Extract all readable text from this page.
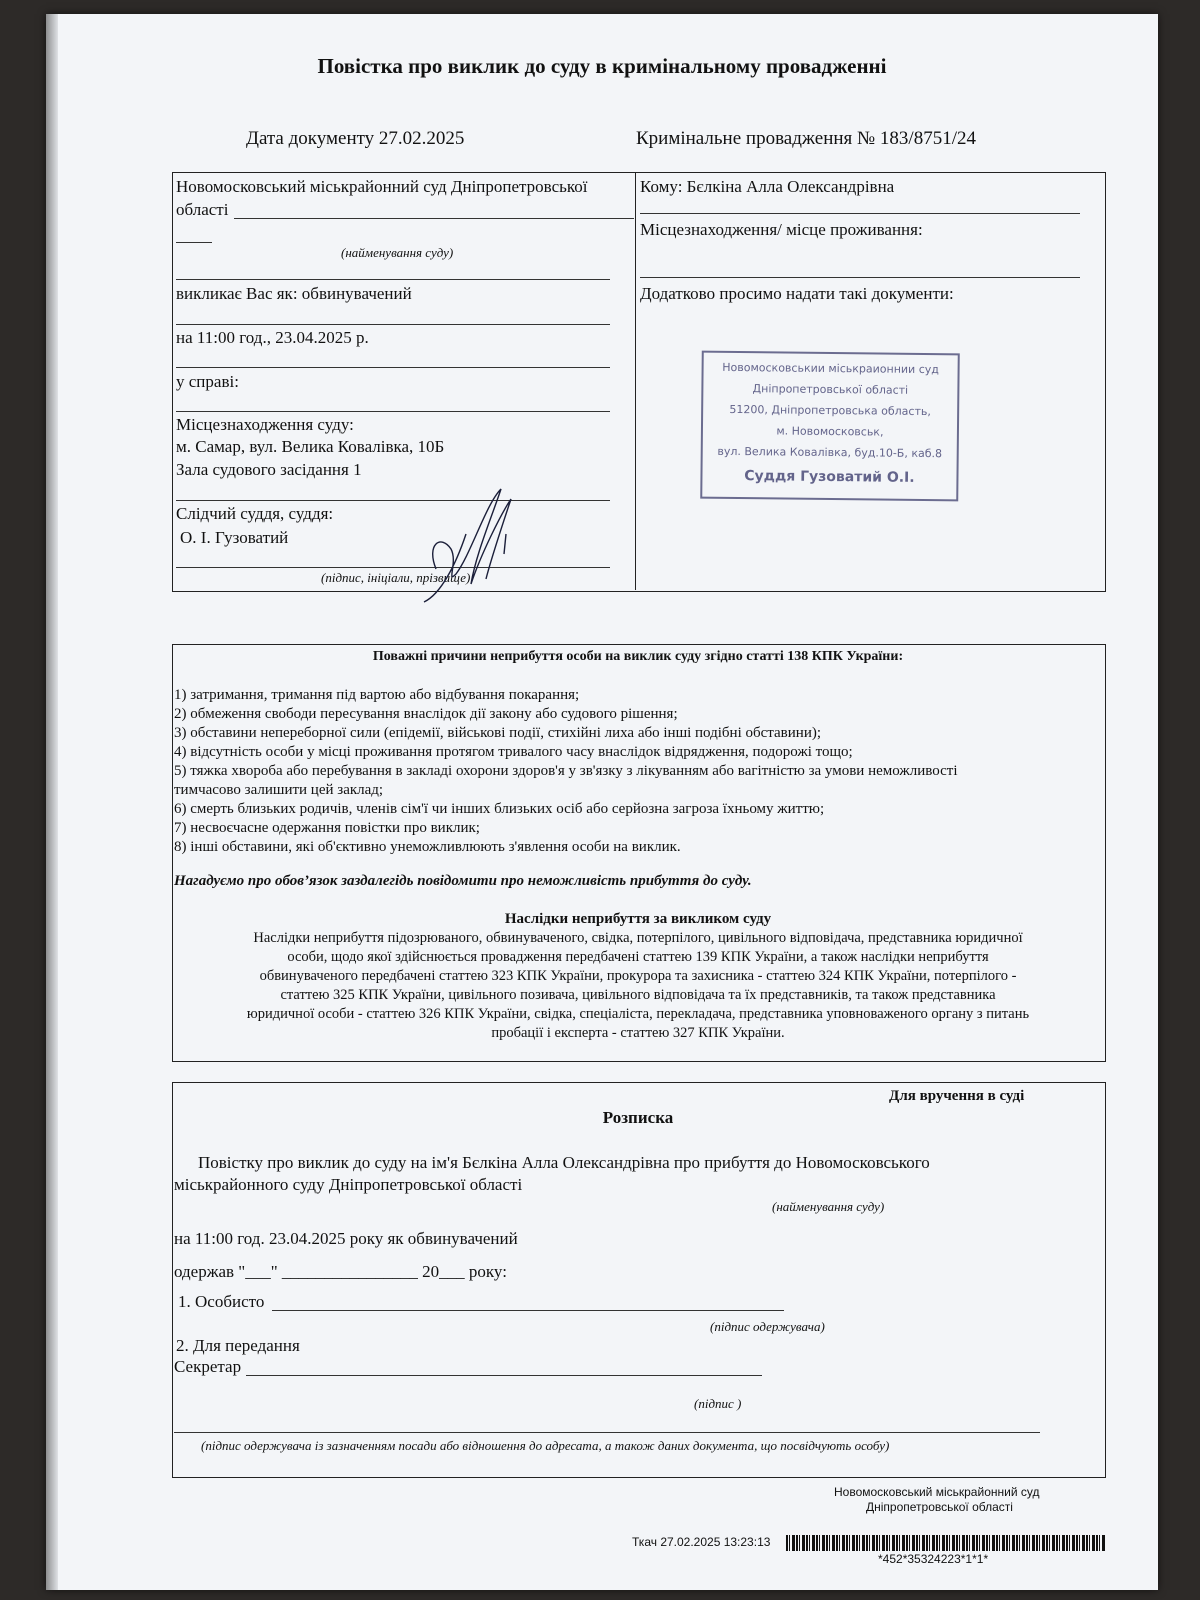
Повістка про виклик до суду в кримінальному провадженні
Дата документу 27.02.2025	Кримінальне провадження № 183/8751/24
Новомосковський міськрайонний суд Дніпропетровської
області
(найменування суду)
викликає Вас як: обвинувачений
на 11:00 год., 23.04.2025 р.
у справі:
Місцезнаходження суду:
м. Самар, вул. Велика Ковалівка, 10Б
Зала судового засідання 1
Слідчий суддя, суддя:
О. І. Гузоватий
(підпис, ініціали, прізвище)
Кому: Бєлкіна Алла Олександрівна
Місцезнаходження/ місце проживання:
Додатково просимо надати такі документи:
Новомосковськии міськраионнии суд
Дніпропетровської області
51200, Дніпропетровська область,
м. Новомосковськ,
вул. Велика Ковалівка, буд.10-Б, каб.8
Суддя Гузоватий О.І.
Поважні причини неприбуття особи на виклик суду згідно статті 138 КПК України:
1) затримання, тримання під вартою або відбування покарання;
2) обмеження свободи пересування внаслідок дії закону або судового рішення;
3) обставини непереборної сили (епідемії, військові події, стихійні лиха або інші подібні обставини);
4) відсутність особи у місці проживання протягом тривалого часу внаслідок відрядження, подорожі тощо;
5) тяжка хвороба або перебування в закладі охорони здоров'я у зв'язку з лікуванням або вагітністю за умови неможливості
тимчасово залишити цей заклад;
6) смерть близьких родичів, членів сім'ї чи інших близьких осіб або серйозна загроза їхньому життю;
7) несвоєчасне одержання повістки про виклик;
8) інші обставини, які об'єктивно унеможливлюють з'явлення особи на виклик.
Нагадуємо про обов’язок заздалегідь повідомити про неможливість прибуття до суду.
Наслідки неприбуття за викликом суду
Наслідки неприбуття підозрюваного, обвинуваченого, свідка, потерпілого, цивільного відповідача, представника юридичної
особи, щодо якої здійснюється провадження передбачені статтею 139 КПК України, а також наслідки неприбуття
обвинуваченого передбачені статтею 323 КПК України, прокурора та захисника - статтею 324 КПК України, потерпілого -
статтею 325 КПК України, цивільного позивача, цивільного відповідача та їх представників, та також представника
юридичної особи - статтею 326 КПК України, свідка, спеціаліста, перекладача, представника уповноваженого органу з питань
пробації і експерта - статтею 327 КПК України.
Для вручення в суді
Розписка
Повістку про виклик до суду на ім'я Бєлкіна Алла Олександрівна про прибуття до Новомосковського
міськрайонного суду Дніпропетровської області
(найменування суду)
на 11:00 год. 23.04.2025 року як обвинувачений
одержав "___" ________________ 20___ року:
1. Особисто
(підпис одержувача)
2. Для передання
Секретар
(підпис )
(підпис одержувача із зазначенням посади або відношення до адресата, а також даних документа, що посвідчують особу)
Новомосковський міськрайонний суд
Дніпропетровської області
Ткач 27.02.2025 13:23:13
*452*35324223*1*1*
